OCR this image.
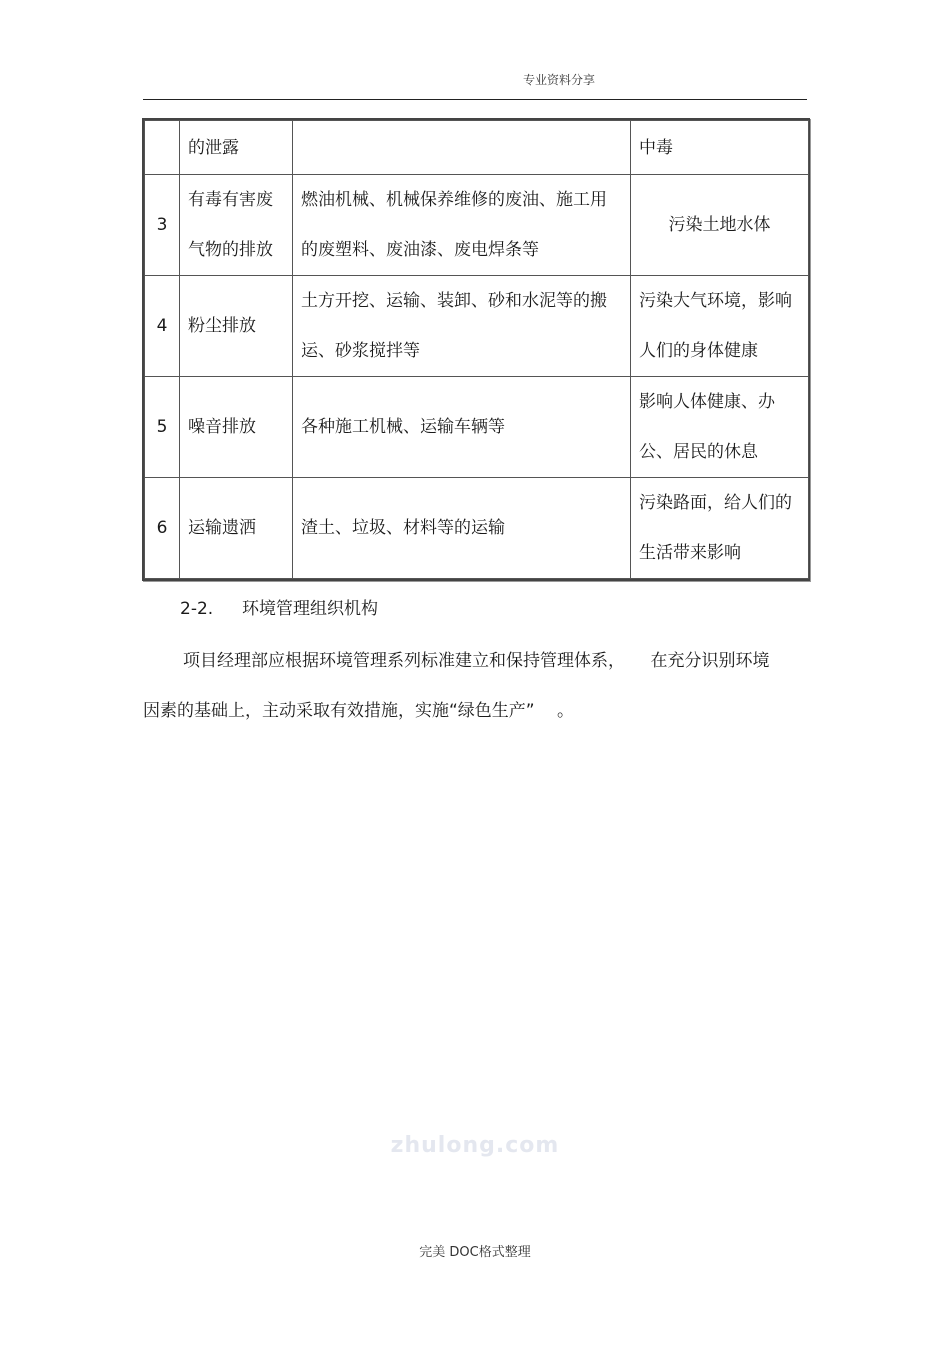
专业资料分享
	的泄露		中毒
3	有毒有害废气物的排放	燃油机械、机械保养维修的废油、施工用的废塑料、废油漆、废电焊条等	污染土地水体
4	粉尘排放	土方开挖、运输、装卸、砂和水泥等的搬运、砂浆搅拌等	污染大气环境，影响人们的身体健康
5	噪音排放	各种施工机械、运输车辆等	影响人体健康、办公、居民的休息
6	运输遗洒	渣土、垃圾、材料等的运输	污染路面，给人们的生活带来影响
2-2. 环境管理组织机构
项目经理部应根据环境管理系列标准建立和保持管理体系，　　在充分识别环境
因素的基础上，主动采取有效措施，实施“绿色生产”　 。
zhulong.com
完美 DOC格式整理
